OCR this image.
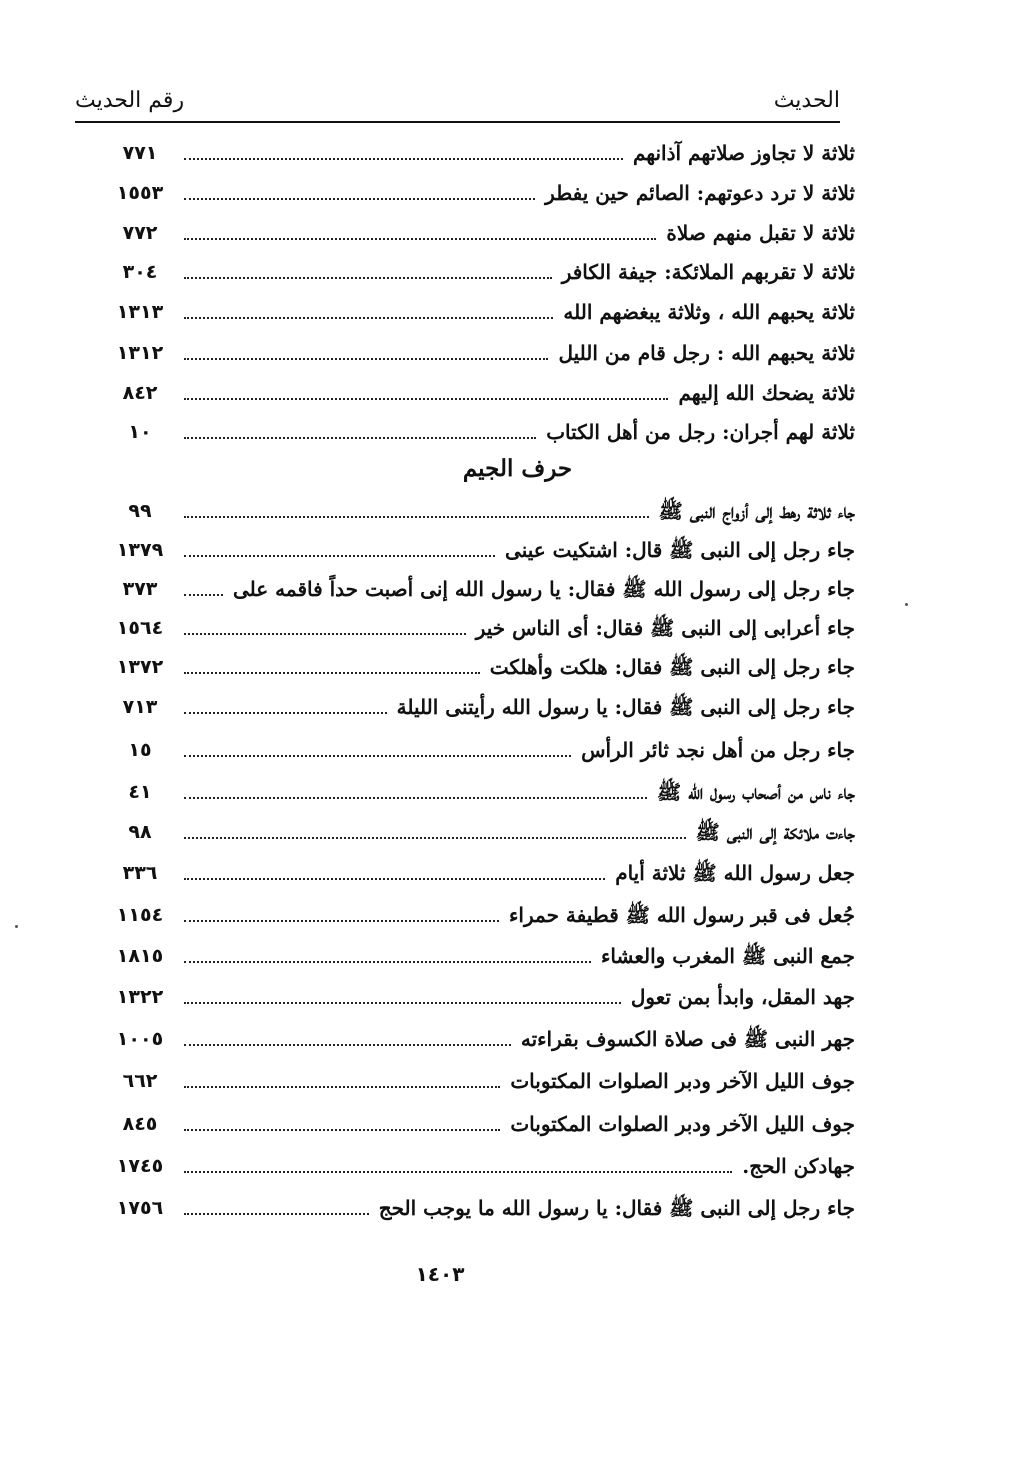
الحديث
رقم الحديث
ثلاثة لا تجاوز صلاتهم آذانهم
٧٧١
ثلاثة لا ترد دعوتهم: الصائم حين يفطر
١٥٥٣
ثلاثة لا تقبل منهم صلاة
٧٧٢
ثلاثة لا تقربهم الملائكة: جيفة الكافر
٣٠٤
ثلاثة يحبهم الله ، وثلاثة يبغضهم الله
١٣١٣
ثلاثة يحبهم الله : رجل قام من الليل
١٣١٢
ثلاثة يضحك الله إليهم
٨٤٢
ثلاثة لهم أجران: رجل من أهل الكتاب
١٠
حرف الجيم
جاء ثلاثة رهط إلى أزواج النبى ﷺ
٩٩
جاء رجل إلى النبى ﷺ قال: اشتكيت عينى
١٣٧٩
جاء رجل إلى رسول الله ﷺ فقال: يا رسول الله إنى أصبت حداً فاقمه على
٣٧٣
جاء أعرابى إلى النبى ﷺ فقال: أى الناس خير
١٥٦٤
جاء رجل إلى النبى ﷺ فقال: هلكت وأهلكت
١٣٧٢
جاء رجل إلى النبى ﷺ فقال: يا رسول الله رأيتنى الليلة
٧١٣
جاء رجل من أهل نجد ثائر الرأس
١٥
جاء ناس من أصحاب رسول الله ﷺ
٤١
جاءت ملائكة إلى النبى ﷺ
٩٨
جعل رسول الله ﷺ ثلاثة أيام
٣٣٦
جُعل فى قبر رسول الله ﷺ قطيفة حمراء
١١٥٤
جمع النبى ﷺ المغرب والعشاء
١٨١٥
جهد المقل، وابدأ بمن تعول
١٣٢٢
جهر النبى ﷺ فى صلاة الكسوف بقراءته
١٠٠٥
جوف الليل الآخر ودبر الصلوات المكتوبات
٦٦٢
جوف الليل الآخر ودبر الصلوات المكتوبات
٨٤٥
جهادكن الحج.
١٧٤٥
جاء رجل إلى النبى ﷺ فقال: يا رسول الله ما يوجب الحج
١٧٥٦
١٤٠٣
